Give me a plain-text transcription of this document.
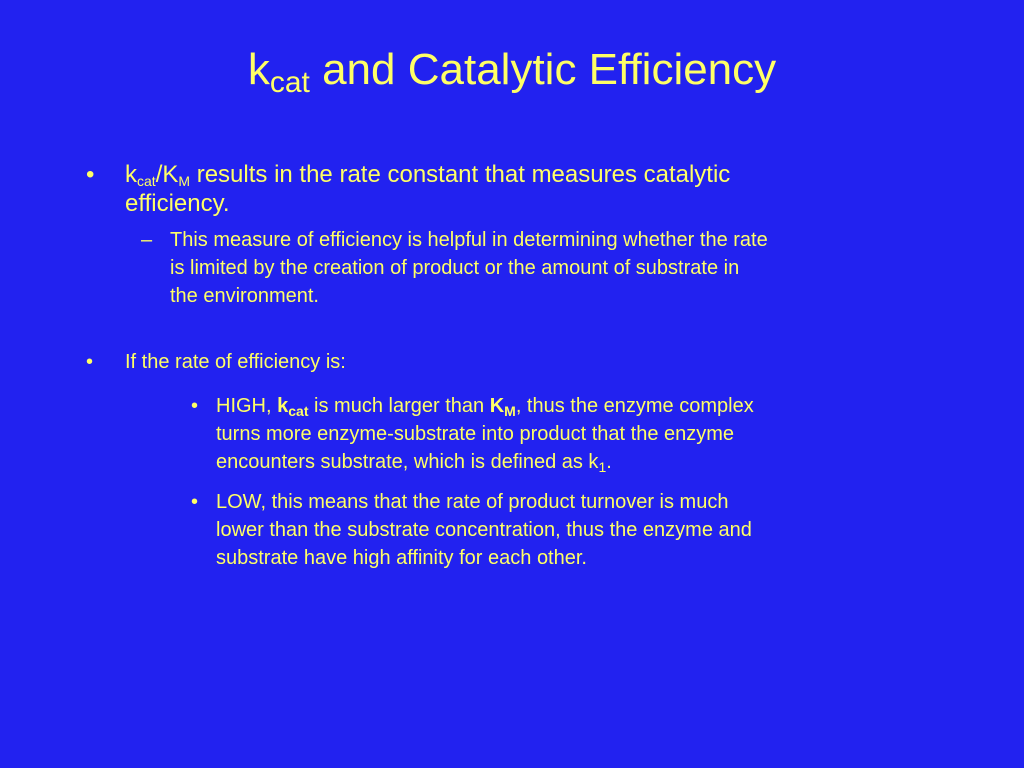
kcat and Catalytic Efficiency
• $k_{cat}/K_M$ results in the rate constant that measures catalytic
efficiency.
– This measure of efficiency is helpful in determining whether the rate
is limited by the creation of product or the amount of substrate in
the environment.
• If the rate of efficiency is:
• HIGH, $k_{cat}$ is much larger than $K_M$, thus the enzyme complex
turns more enzyme-substrate into product that the enzyme
encounters substrate, which is defined as $k_1$.
• LOW, this means that the rate of product turnover is much
lower than the substrate concentration, thus the enzyme and
substrate have high affinity for each other.
